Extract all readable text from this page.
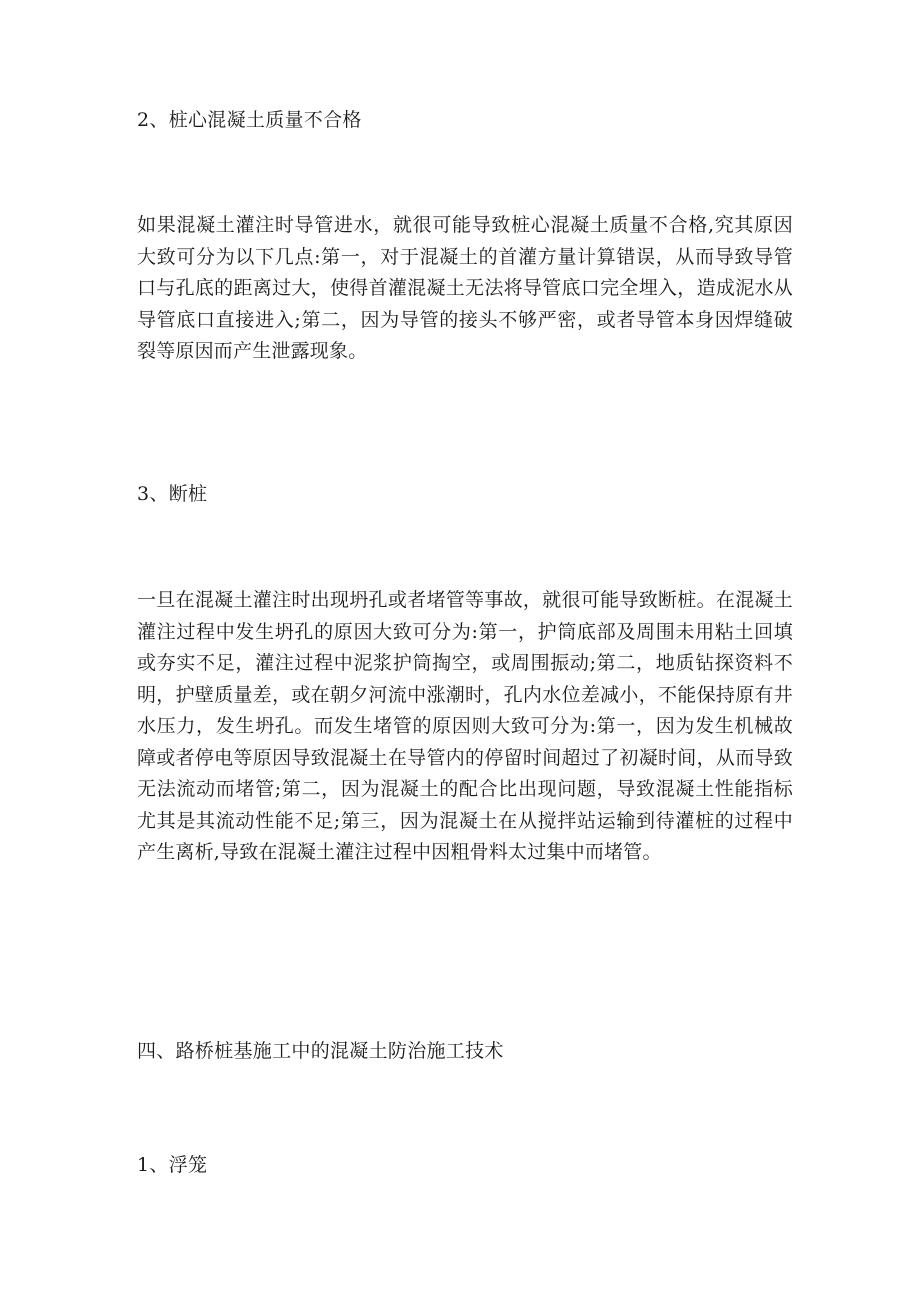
2、桩心混凝土质量不合格
如果混凝土灌注时导管进水，就很可能导致桩心混凝土质量不合格,究其原因大致可分为以下几点:第一，对于混凝土的首灌方量计算错误，从而导致导管口与孔底的距离过大，使得首灌混凝土无法将导管底口完全埋入，造成泥水从导管底口直接进入;第二，因为导管的接头不够严密，或者导管本身因焊缝破裂等原因而产生泄露现象。
3、断桩
一旦在混凝土灌注时出现坍孔或者堵管等事故，就很可能导致断桩。在混凝土灌注过程中发生坍孔的原因大致可分为:第一，护筒底部及周围未用粘土回填或夯实不足，灌注过程中泥浆护筒掏空，或周围振动;第二，地质钻探资料不明，护壁质量差，或在朝夕河流中涨潮时，孔内水位差减小，不能保持原有井水压力，发生坍孔。而发生堵管的原因则大致可分为:第一，因为发生机械故障或者停电等原因导致混凝土在导管内的停留时间超过了初凝时间，从而导致无法流动而堵管;第二，因为混凝土的配合比出现问题，导致混凝土性能指标尤其是其流动性能不足;第三，因为混凝土在从搅拌站运输到待灌桩的过程中产生离析,导致在混凝土灌注过程中因粗骨料太过集中而堵管。
四、路桥桩基施工中的混凝土防治施工技术
1、浮笼
